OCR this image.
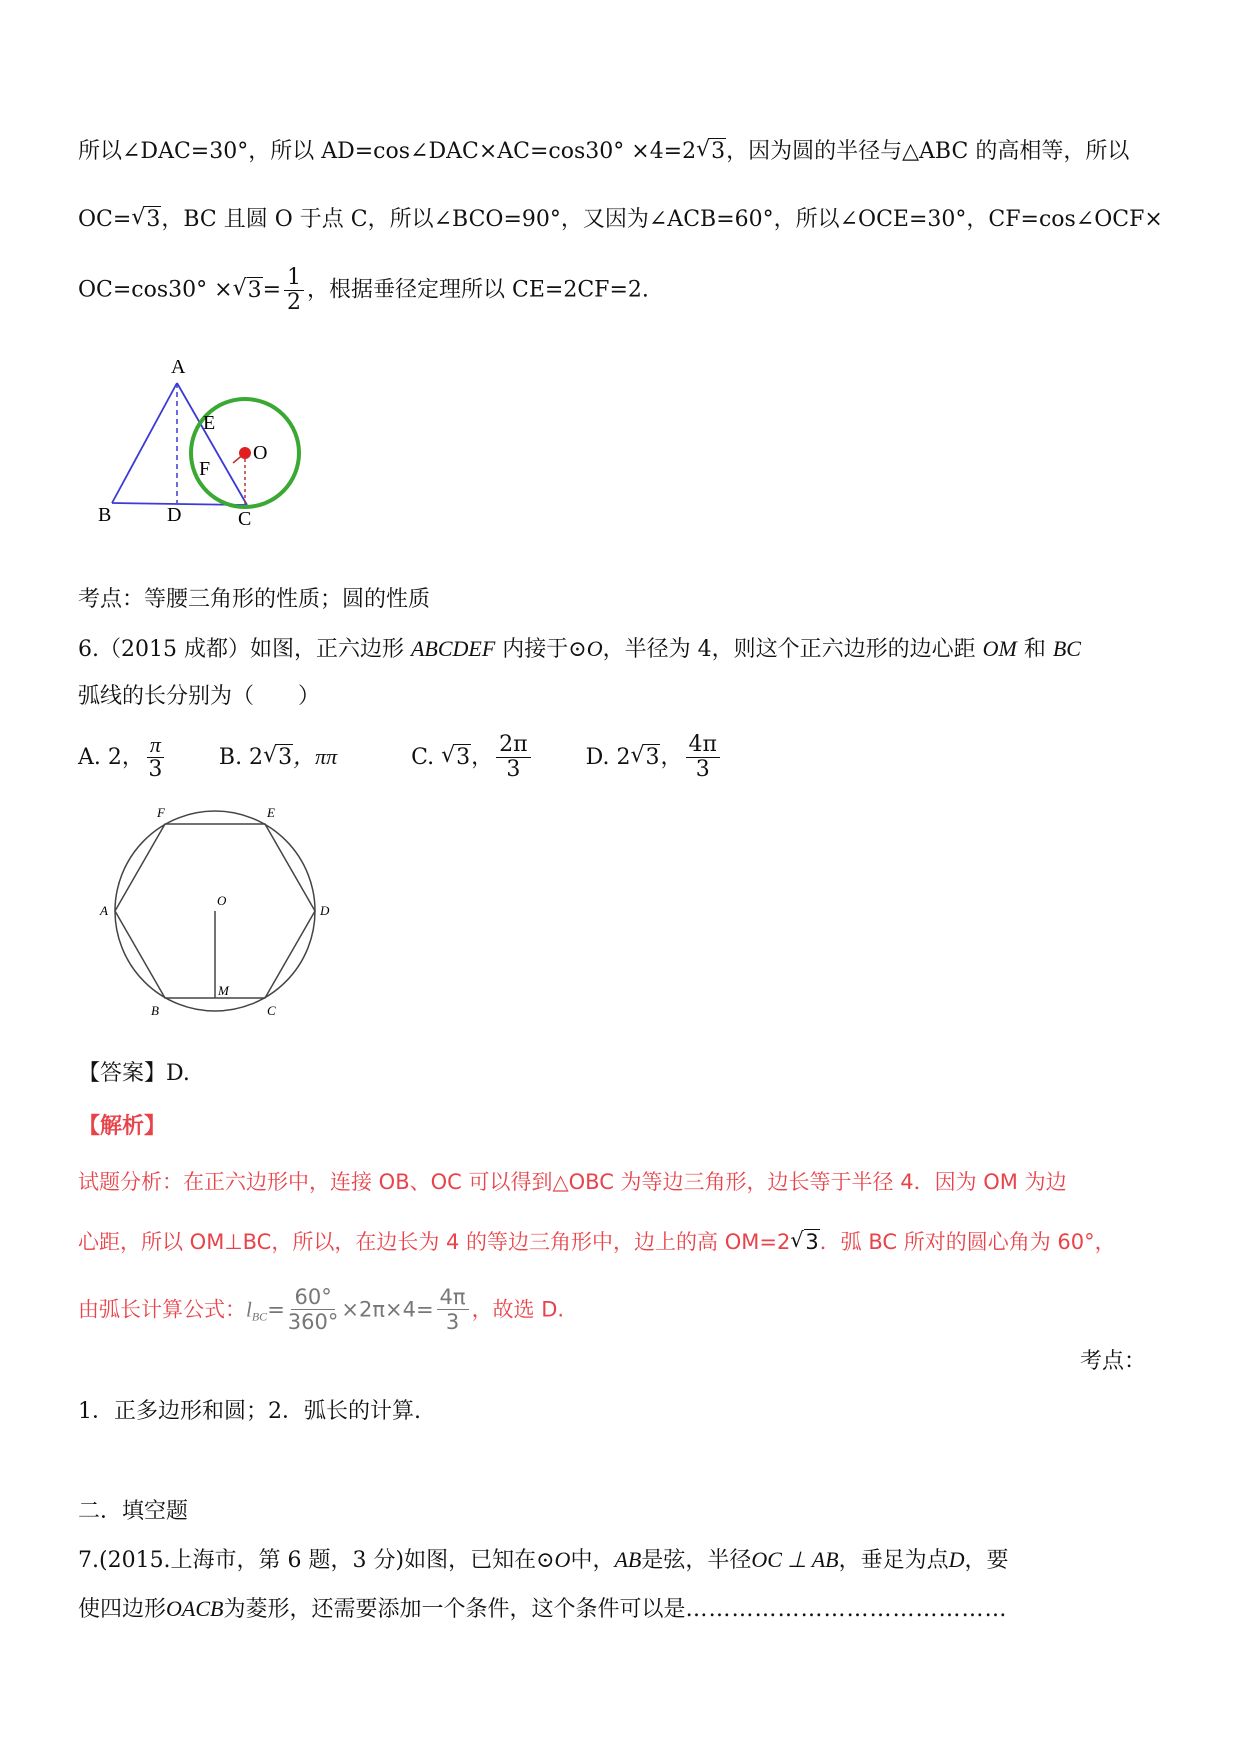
所以∠DAC=30°，所以 AD=cos∠DAC×AC=cos30° ×4=2 √ 3，因为圆的半径与△ABC 的高相等，所以
OC= √ 3，BC 且圆 O 于点 C，所以∠BCO=90°，又因为∠ACB=60°，所以∠OCE=30°，CF=cos∠OCF×
OC=cos30° × √ $3= \frac{1}{2}$ ，根据垂径定理所以 CE=2CF=2.
A
B	D	C
E
F
O
考点：等腰三角形的性质；圆的性质
6.（2015 成都）如图，正六边形 ABCDEF 内接于⊙O，半径为 4，则这个正六边形的边心距 OM 和 BC
弧线的长分别为（　　）
A. 2， $\frac{\pi}{3}$	B. 2 √ 3，ππ	C. √ 3， $\frac{2\pi}{3}$	D. 2 √ 3， $\frac{4\pi}{3}$
F	E
A	D
O
M
B	C
【答案】D.
【解析】
试题分析：在正六边形中，连接 OB、OC 可以得到△OBC 为等边三角形，边长等于半径 4．因为 OM 为边
心距，所以 OM⊥BC，所以，在边长为 4 的等边三角形中，边上的高 OM=2 √ 3．弧 BC 所对的圆心角为 60°，
由弧长计算公式：$l_{BC}= \frac{60^\circ}{360^\circ} \times 2\pi\times 4= \frac{4\pi}{3}$ ，故选 D.
考点：
1．正多边形和圆；2．弧长的计算.
二．填空题
7.(2015.上海市，第 6 题，3 分)如图，已知在⊙O中，AB是弦，半径OC ⊥ AB，垂足为点D，要
使四边形OACB为菱形，还需要添加一个条件，这个条件可以是……………………………………
